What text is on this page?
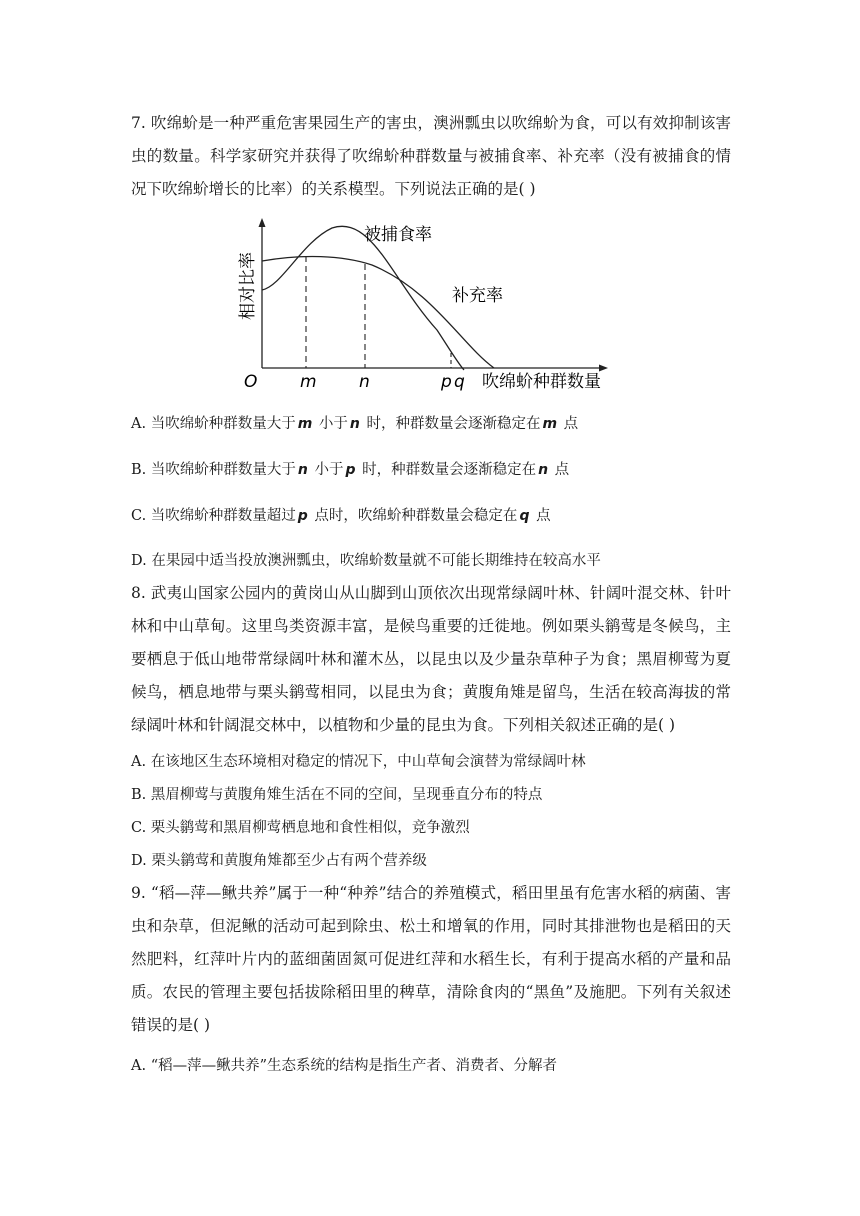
7. 吹绵蚧是一种严重危害果园生产的害虫，澳洲瓢虫以吹绵蚧为食，可以有效抑制该害虫的数量。科学家研究并获得了吹绵蚧种群数量与被捕食率、补充率（没有被捕食的情况下吹绵蚧增长的比率）的关系模型。下列说法正确的是( )

相对比率
O	m n	p q 吹绵蚧种群数量
被捕食率
补充率
A. 当吹绵蚧种群数量大于 m 小于 n 时，种群数量会逐渐稳定在 m 点
B. 当吹绵蚧种群数量大于 n 小于 p 时，种群数量会逐渐稳定在 n 点
C. 当吹绵蚧种群数量超过 p 点时，吹绵蚧种群数量会稳定在 q 点
D. 在果园中适当投放澳洲瓢虫，吹绵蚧数量就不可能长期维持在较高水平

8. 武夷山国家公园内的黄岗山从山脚到山顶依次出现常绿阔叶林、针阔叶混交林、针叶林和中山草甸。这里鸟类资源丰富，是候鸟重要的迁徙地。例如栗头鹟莺是冬候鸟，主要栖息于低山地带常绿阔叶林和灌木丛，以昆虫以及少量杂草种子为食；黑眉柳莺为夏候鸟，栖息地带与栗头鹟莺相同，以昆虫为食；黄腹角雉是留鸟，生活在较高海拔的常绿阔叶林和针阔混交林中，以植物和少量的昆虫为食。下列相关叙述正确的是( )

A. 在该地区生态环境相对稳定的情况下，中山草甸会演替为常绿阔叶林
B. 黑眉柳莺与黄腹角雉生活在不同的空间，呈现垂直分布的特点
C. 栗头鹟莺和黑眉柳莺栖息地和食性相似，竞争激烈
D. 栗头鹟莺和黄腹角雉都至少占有两个营养级

9. “稻—萍—鳅共养”属于一种“种养”结合的养殖模式，稻田里虽有危害水稻的病菌、害虫和杂草，但泥鳅的活动可起到除虫、松土和增氧的作用，同时其排泄物也是稻田的天然肥料，红萍叶片内的蓝细菌固氮可促进红萍和水稻生长，有利于提高水稻的产量和品质。农民的管理主要包括拔除稻田里的稗草，清除食肉的“黑鱼”及施肥。下列有关叙述错误的是( )

A. “稻—萍—鳅共养”生态系统的结构是指生产者、消费者、分解者
